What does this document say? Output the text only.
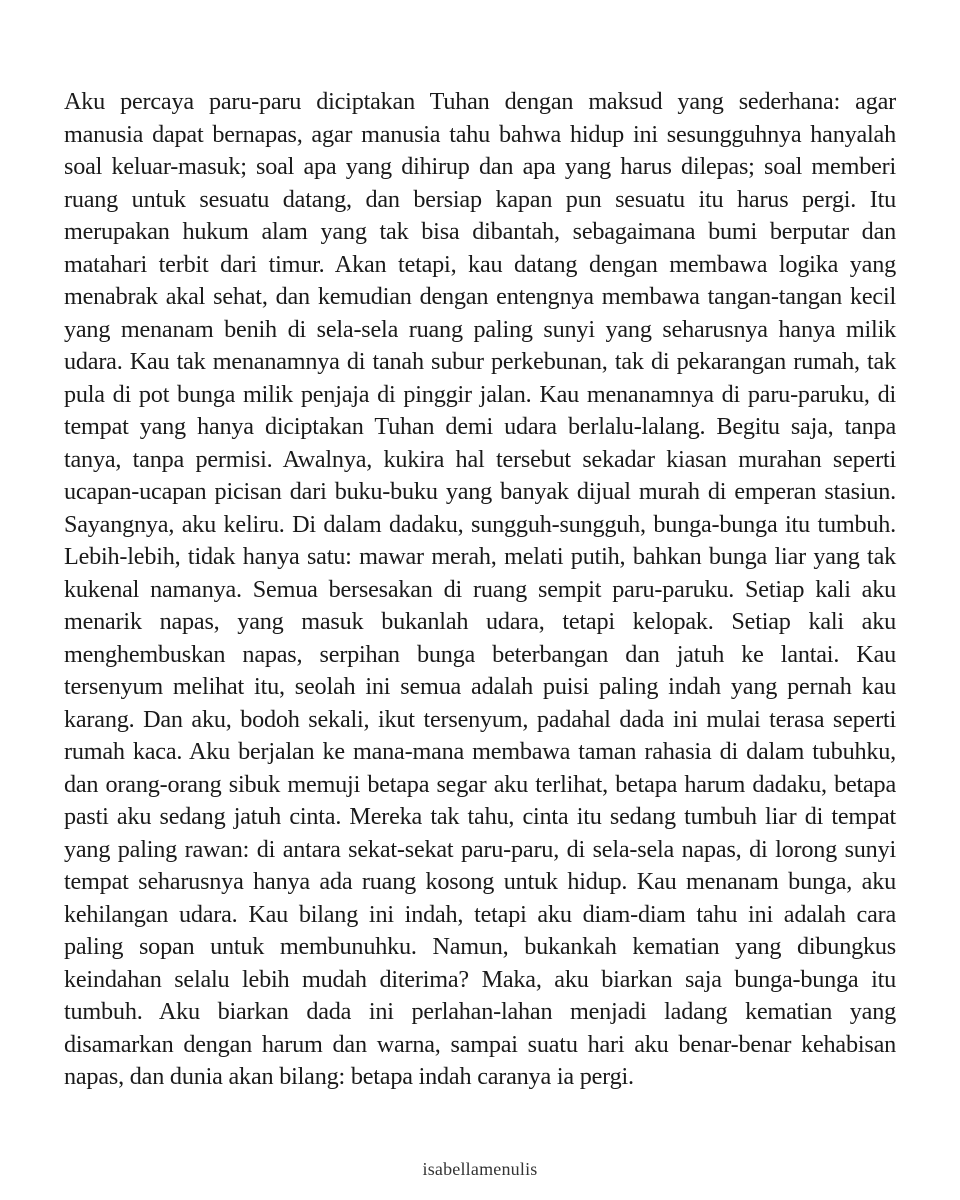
Aku percaya paru-paru diciptakan Tuhan dengan maksud yang sederhana: agar manusia dapat bernapas, agar manusia tahu bahwa hidup ini sesungguhnya hanyalah soal keluar-masuk; soal apa yang dihirup dan apa yang harus dilepas; soal memberi ruang untuk sesuatu datang, dan bersiap kapan pun sesuatu itu harus pergi. Itu merupakan hukum alam yang tak bisa dibantah, sebagaimana bumi berputar dan matahari terbit dari timur. Akan tetapi, kau datang dengan membawa logika yang menabrak akal sehat, dan kemudian dengan entengnya membawa tangan-tangan kecil yang menanam benih di sela-sela ruang paling sunyi yang seharusnya hanya milik udara. Kau tak menanamnya di tanah subur perkebunan, tak di pekarangan rumah, tak pula di pot bunga milik penjaja di pinggir jalan. Kau menanamnya di paru-paruku, di tempat yang hanya diciptakan Tuhan demi udara berlalu-lalang. Begitu saja, tanpa tanya, tanpa permisi. Awalnya, kukira hal tersebut sekadar kiasan murahan seperti ucapan-ucapan picisan dari buku-buku yang banyak dijual murah di emperan stasiun. Sayangnya, aku keliru. Di dalam dadaku, sungguh-sungguh, bunga-bunga itu tumbuh. Lebih-lebih, tidak hanya satu: mawar merah, melati putih, bahkan bunga liar yang tak kukenal namanya. Semua bersesakan di ruang sempit paru-paruku. Setiap kali aku menarik napas, yang masuk bukanlah udara, tetapi kelopak. Setiap kali aku menghembuskan napas, serpihan bunga beterbangan dan jatuh ke lantai. Kau tersenyum melihat itu, seolah ini semua adalah puisi paling indah yang pernah kau karang. Dan aku, bodoh sekali, ikut tersenyum, padahal dada ini mulai terasa seperti rumah kaca. Aku berjalan ke mana-mana membawa taman rahasia di dalam tubuhku, dan orang-orang sibuk memuji betapa segar aku terlihat, betapa harum dadaku, betapa pasti aku sedang jatuh cinta. Mereka tak tahu, cinta itu sedang tumbuh liar di tempat yang paling rawan: di antara sekat-sekat paru-paru, di sela-sela napas, di lorong sunyi tempat seharusnya hanya ada ruang kosong untuk hidup. Kau menanam bunga, aku kehilangan udara. Kau bilang ini indah, tetapi aku diam-diam tahu ini adalah cara paling sopan untuk membunuhku. Namun, bukankah kematian yang dibungkus keindahan selalu lebih mudah diterima? Maka, aku biarkan saja bunga-bunga itu tumbuh. Aku biarkan dada ini perlahan-lahan menjadi ladang kematian yang disamarkan dengan harum dan warna, sampai suatu hari aku benar-benar kehabisan napas, dan dunia akan bilang: betapa indah caranya ia pergi.

isabellamenulis
